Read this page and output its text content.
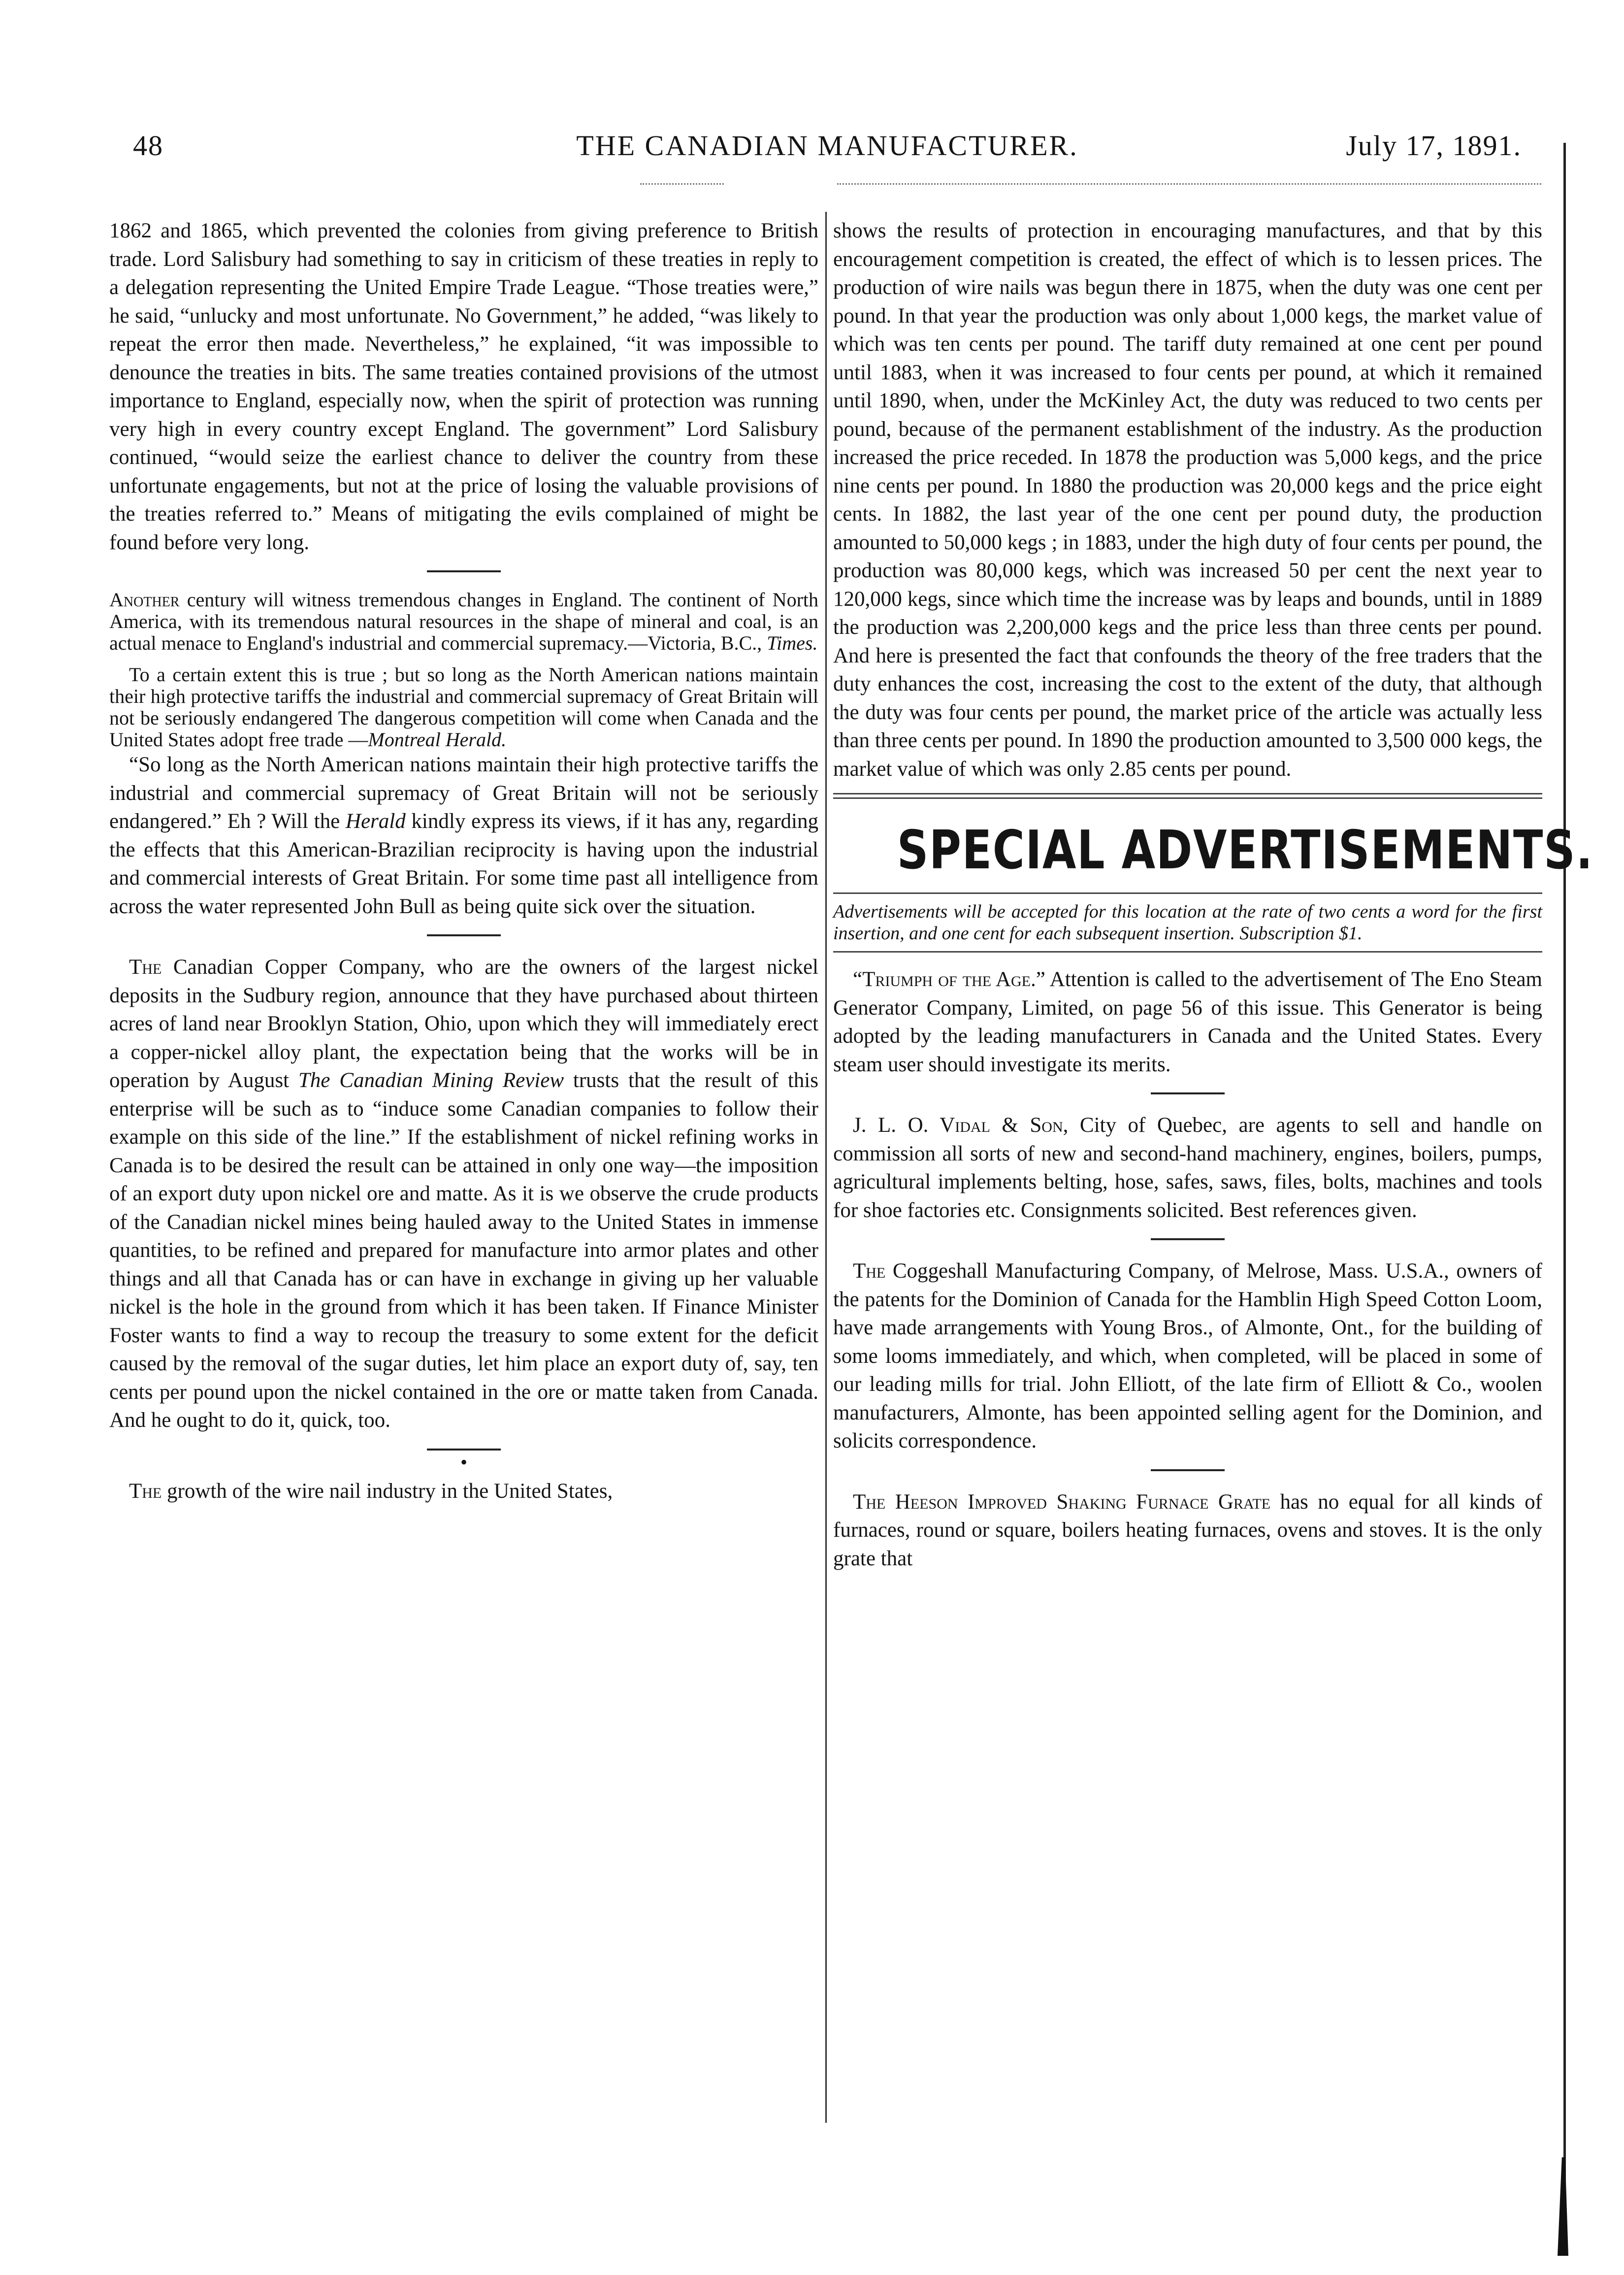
48	THE CANADIAN MANUFACTURER.	July 17, 1891.

1862 and 1865, which prevented the colonies from giving preference to British trade. Lord Salisbury had something to say in criticism of these treaties in reply to a delegation representing the United Empire Trade League. “Those treaties were,” he said, “unlucky and most unfortunate. No Government,” he added, “was likely to repeat the error then made. Nevertheless,” he explained, “it was impossible to denounce the treaties in bits. The same treaties contained provisions of the utmost importance to England, especially now, when the spirit of protection was running very high in every country except England. The government” Lord Salisbury continued, “would seize the earliest chance to deliver the country from these unfortunate engagements, but not at the price of losing the valuable provisions of the treaties referred to.” Means of mitigating the evils complained of might be found before very long.

Another century will witness tremendous changes in England. The continent of North America, with its tremendous natural resources in the shape of mineral and coal, is an actual menace to England's industrial and commercial supremacy.—Victoria, B.C., Times.

To a certain extent this is true ; but so long as the North American nations maintain their high protective tariffs the industrial and commercial supremacy of Great Britain will not be seriously endangered The dangerous competition will come when Canada and the United States adopt free trade —Montreal Herald.

“So long as the North American nations maintain their high protective tariffs the industrial and commercial supremacy of Great Britain will not be seriously endangered.” Eh ? Will the Herald kindly express its views, if it has any, regarding the effects that this American-Brazilian reciprocity is having upon the industrial and commercial interests of Great Britain. For some time past all intelligence from across the water represented John Bull as being quite sick over the situation.

The Canadian Copper Company, who are the owners of the largest nickel deposits in the Sudbury region, announce that they have purchased about thirteen acres of land near Brooklyn Station, Ohio, upon which they will immediately erect a copper-nickel alloy plant, the expectation being that the works will be in operation by August The Canadian Mining Review trusts that the result of this enterprise will be such as to “induce some Canadian companies to follow their example on this side of the line.” If the establishment of nickel refining works in Canada is to be desired the result can be attained in only one way—the imposition of an export duty upon nickel ore and matte. As it is we observe the crude products of the Canadian nickel mines being hauled away to the United States in immense quantities, to be refined and prepared for manufacture into armor plates and other things and all that Canada has or can have in exchange in giving up her valuable nickel is the hole in the ground from which it has been taken. If Finance Minister Foster wants to find a way to recoup the treasury to some extent for the deficit caused by the removal of the sugar duties, let him place an export duty of, say, ten cents per pound upon the nickel contained in the ore or matte taken from Canada. And he ought to do it, quick, too.

•

The growth of the wire nail industry in the United States,

shows the results of protection in encouraging manufactures, and that by this encouragement competition is created, the effect of which is to lessen prices. The production of wire nails was begun there in 1875, when the duty was one cent per pound. In that year the production was only about 1,000 kegs, the market value of which was ten cents per pound. The tariff duty remained at one cent per pound until 1883, when it was increased to four cents per pound, at which it remained until 1890, when, under the McKinley Act, the duty was reduced to two cents per pound, because of the permanent establishment of the industry. As the production increased the price receded. In 1878 the production was 5,000 kegs, and the price nine cents per pound. In 1880 the production was 20,000 kegs and the price eight cents. In 1882, the last year of the one cent per pound duty, the production amounted to 50,000 kegs ; in 1883, under the high duty of four cents per pound, the production was 80,000 kegs, which was increased 50 per cent the next year to 120,000 kegs, since which time the increase was by leaps and bounds, until in 1889 the production was 2,200,000 kegs and the price less than three cents per pound. And here is presented the fact that confounds the theory of the free traders that the duty enhances the cost, increasing the cost to the extent of the duty, that although the duty was four cents per pound, the market price of the article was actually less than three cents per pound. In 1890 the production amounted to 3,500 000 kegs, the market value of which was only 2.85 cents per pound.

SPECIAL ADVERTISEMENTS.

Advertisements will be accepted for this location at the rate of two cents a word for the first insertion, and one cent for each subsequent insertion. Subscription $1.

“Triumph of the Age.” Attention is called to the advertisement of The Eno Steam Generator Company, Limited, on page 56 of this issue. This Generator is being adopted by the leading manufacturers in Canada and the United States. Every steam user should investigate its merits.

J. L. O. Vidal & Son, City of Quebec, are agents to sell and handle on commission all sorts of new and second-hand machinery, engines, boilers, pumps, agricultural implements belting, hose, safes, saws, files, bolts, machines and tools for shoe factories etc. Consignments solicited. Best references given.

The Coggeshall Manufacturing Company, of Melrose, Mass. U.S.A., owners of the patents for the Dominion of Canada for the Hamblin High Speed Cotton Loom, have made arrangements with Young Bros., of Almonte, Ont., for the building of some looms immediately, and which, when completed, will be placed in some of our leading mills for trial. John Elliott, of the late firm of Elliott & Co., woolen manufacturers, Almonte, has been appointed selling agent for the Dominion, and solicits correspondence.

The Heeson Improved Shaking Furnace Grate has no equal for all kinds of furnaces, round or square, boilers heating furnaces, ovens and stoves. It is the only grate that
